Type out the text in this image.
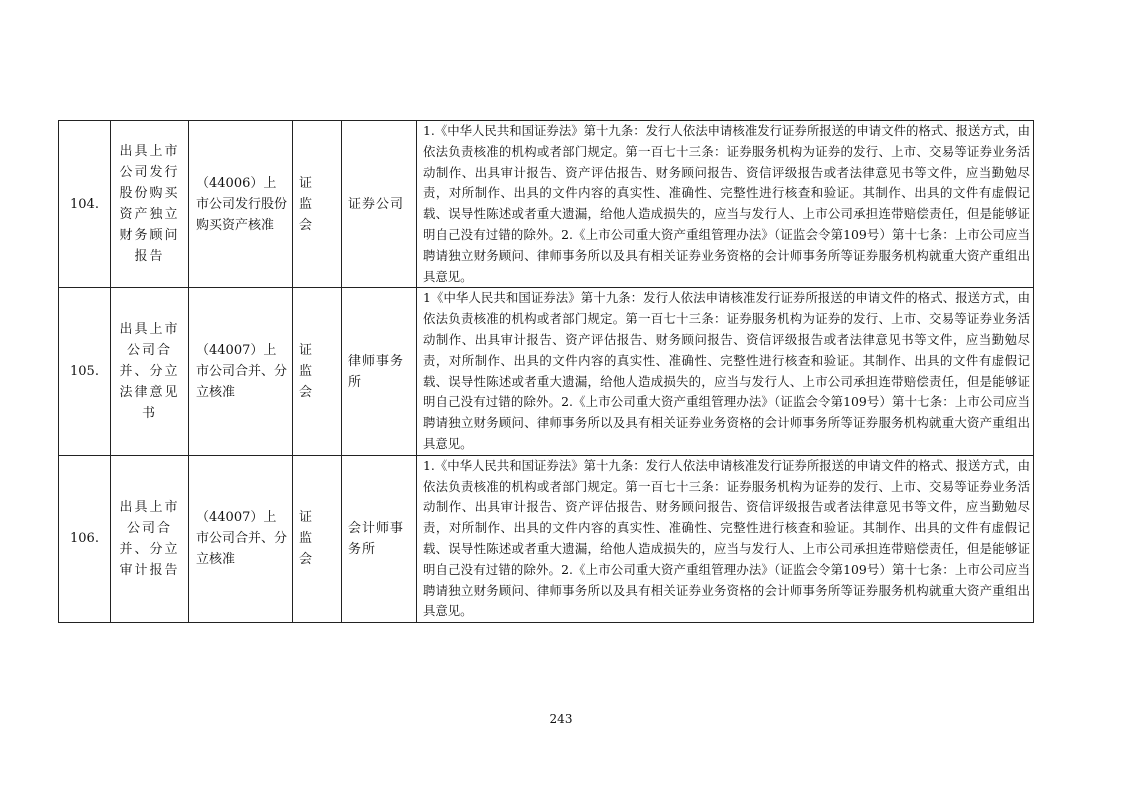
104.	出具上市公司发行股份购买资产独立财务顾问报告	（44006）上市公司发行股份购买资产核准	证监会	证券公司	1.《中华人民共和国证券法》第十九条：发行人依法申请核准发行证券所报送的申请文件的格式、报送方式，由依法负责核准的机构或者部门规定。第一百七十三条：证券服务机构为证券的发行、上市、交易等证券业务活动制作、出具审计报告、资产评估报告、财务顾问报告、资信评级报告或者法律意见书等文件，应当勤勉尽责，对所制作、出具的文件内容的真实性、准确性、完整性进行核查和验证。其制作、出具的文件有虚假记载、误导性陈述或者重大遗漏，给他人造成损失的，应当与发行人、上市公司承担连带赔偿责任，但是能够证明自己没有过错的除外。2.《上市公司重大资产重组管理办法》（证监会令第109号）第十七条：上市公司应当聘请独立财务顾问、律师事务所以及具有相关证券业务资格的会计师事务所等证券服务机构就重大资产重组出具意见。

105.	出具上市公司合并、分立法律意见书	（44007）上市公司合并、分立核准	证监会	律师事务所	1《中华人民共和国证券法》第十九条：发行人依法申请核准发行证券所报送的申请文件的格式、报送方式，由依法负责核准的机构或者部门规定。第一百七十三条：证券服务机构为证券的发行、上市、交易等证券业务活动制作、出具审计报告、资产评估报告、财务顾问报告、资信评级报告或者法律意见书等文件，应当勤勉尽责，对所制作、出具的文件内容的真实性、准确性、完整性进行核查和验证。其制作、出具的文件有虚假记载、误导性陈述或者重大遗漏，给他人造成损失的，应当与发行人、上市公司承担连带赔偿责任，但是能够证明自己没有过错的除外。2.《上市公司重大资产重组管理办法》（证监会令第109号）第十七条：上市公司应当聘请独立财务顾问、律师事务所以及具有相关证券业务资格的会计师事务所等证券服务机构就重大资产重组出具意见。

106.	出具上市公司合并、分立审计报告	（44007）上市公司合并、分立核准	证监会	会计师事务所	1.《中华人民共和国证券法》第十九条：发行人依法申请核准发行证券所报送的申请文件的格式、报送方式，由依法负责核准的机构或者部门规定。第一百七十三条：证券服务机构为证券的发行、上市、交易等证券业务活动制作、出具审计报告、资产评估报告、财务顾问报告、资信评级报告或者法律意见书等文件，应当勤勉尽责，对所制作、出具的文件内容的真实性、准确性、完整性进行核查和验证。其制作、出具的文件有虚假记载、误导性陈述或者重大遗漏，给他人造成损失的，应当与发行人、上市公司承担连带赔偿责任，但是能够证明自己没有过错的除外。2.《上市公司重大资产重组管理办法》（证监会令第109号）第十七条：上市公司应当聘请独立财务顾问、律师事务所以及具有相关证券业务资格的会计师事务所等证券服务机构就重大资产重组出具意见。
243
